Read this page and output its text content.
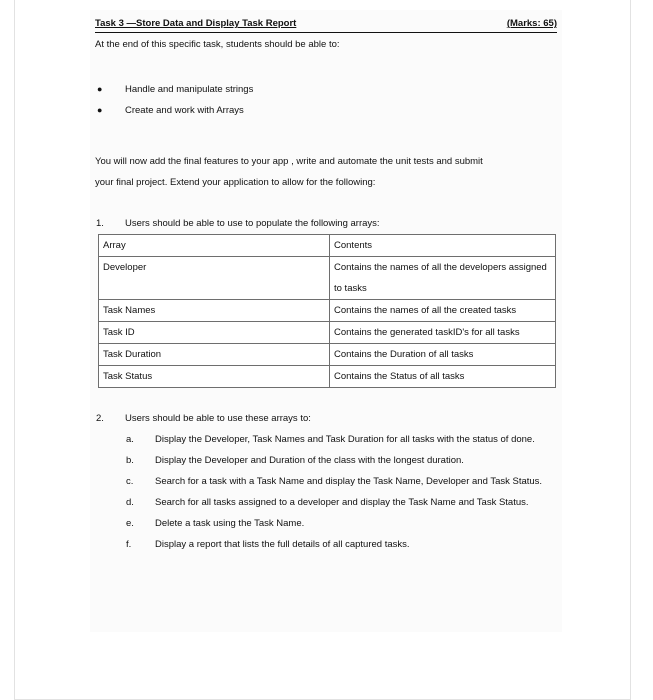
Task 3 —Store Data and Display Task Report	(Marks: 65)
At the end of this specific task, students should be able to:
● Handle and manipulate strings
● Create and work with Arrays
You will now add the final features to your app , write and automate the unit tests and submit
your final project. Extend your application to allow for the following:
1. Users should be able to use to populate the following arrays:
Array	Contents
Developer	Contains the names of all the developers assigned to tasks
Task Names	Contains the names of all the created tasks
Task ID	Contains the generated taskID's for all tasks
Task Duration	Contains the Duration of all tasks
Task Status	Contains the Status of all tasks
2. Users should be able to use these arrays to:
a. Display the Developer, Task Names and Task Duration for all tasks with the status of done.
b. Display the Developer and Duration of the class with the longest duration.
c. Search for a task with a Task Name and display the Task Name, Developer and Task Status.
d. Search for all tasks assigned to a developer and display the Task Name and Task Status.
e. Delete a task using the Task Name.
f. Display a report that lists the full details of all captured tasks.
